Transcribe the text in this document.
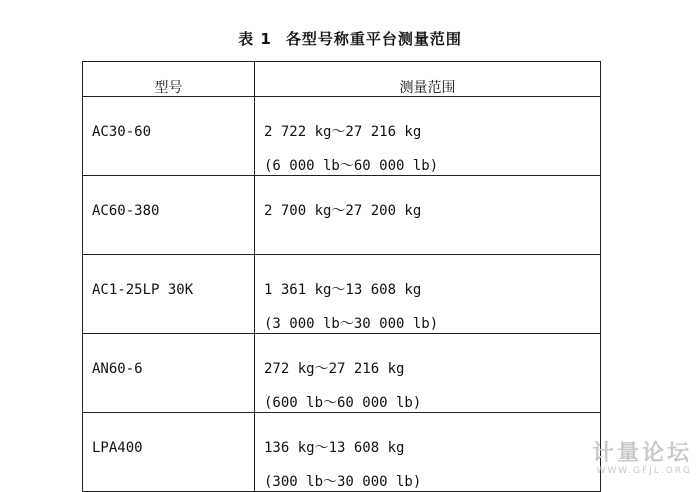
表 1 各型号称重平台测量范围
型号	测量范围

AC30-60	2 722 kg～27 216 kg
(6 000 lb～60 000 lb)

AC60-380	2 700 kg～27 200 kg

AC1-25LP 30K	1 361 kg～13 608 kg
(3 000 lb～30 000 lb)

AN60-6	272 kg～27 216 kg
(600 lb～60 000 lb)

LPA400	136 kg～13 608 kg
(300 lb～30 000 lb)
计量论坛
WWW.GFJL.ORG
